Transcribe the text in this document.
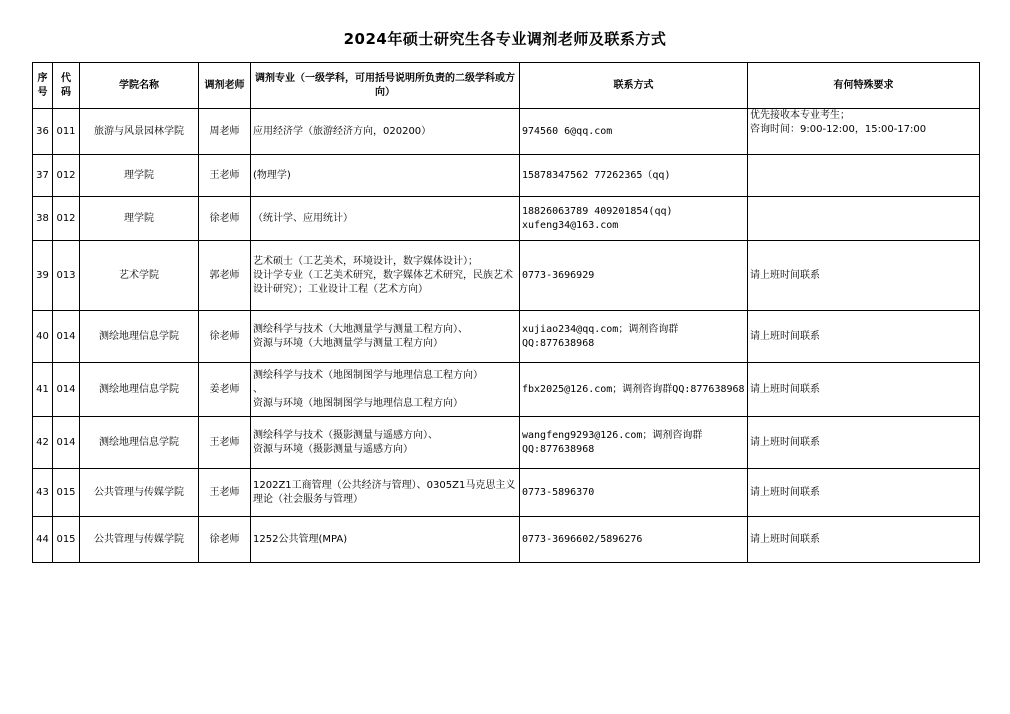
2024年硕士研究生各专业调剂老师及联系方式
序
号	代
码	学院名称	调剂老师	调剂专业（一级学科，可用括号说明所负责的二级学科或方向）	联系方式	有何特殊要求
36	011	旅游与风景园林学院	周老师	应用经济学（旅游经济方向，020200）	974560 6@qq.com	优先接收本专业考生；
咨询时间：9:00-12:00，15:00-17:00
37	012	理学院	王老师	(物理学)	15878347562 77262365（qq)	
38	012	理学院	徐老师	（统计学、应用统计）	18826063789 409201854(qq)
xufeng34@163.com	
39	013	艺术学院	郭老师	艺术硕士（工艺美术，环境设计，数字媒体设计）；
设计学专业（工艺美术研究，数字媒体艺术研究，民族艺术设计研究）；工业设计工程（艺术方向）	0773-3696929	请上班时间联系
40	014	测绘地理信息学院	徐老师	测绘科学与技术（大地测量学与测量工程方向）、
资源与环境（大地测量学与测量工程方向）	xujiao234@qq.com；调剂咨询群
QQ:877638968	请上班时间联系
41	014	测绘地理信息学院	姜老师	测绘科学与技术（地图制图学与地理信息工程方向）
、
资源与环境（地图制图学与地理信息工程方向）	fbx2025@126.com；调剂咨询群QQ:877638968	请上班时间联系
42	014	测绘地理信息学院	王老师	测绘科学与技术（摄影测量与遥感方向）、
资源与环境（摄影测量与遥感方向）	wangfeng9293@126.com；调剂咨询群
QQ:877638968	请上班时间联系
43	015	公共管理与传媒学院	王老师	1202Z1工商管理（公共经济与管理）、0305Z1马克思主义理论（社会服务与管理）	0773-5896370	请上班时间联系
44	015	公共管理与传媒学院	徐老师	1252公共管理(MPA)	0773-3696602/5896276	请上班时间联系
